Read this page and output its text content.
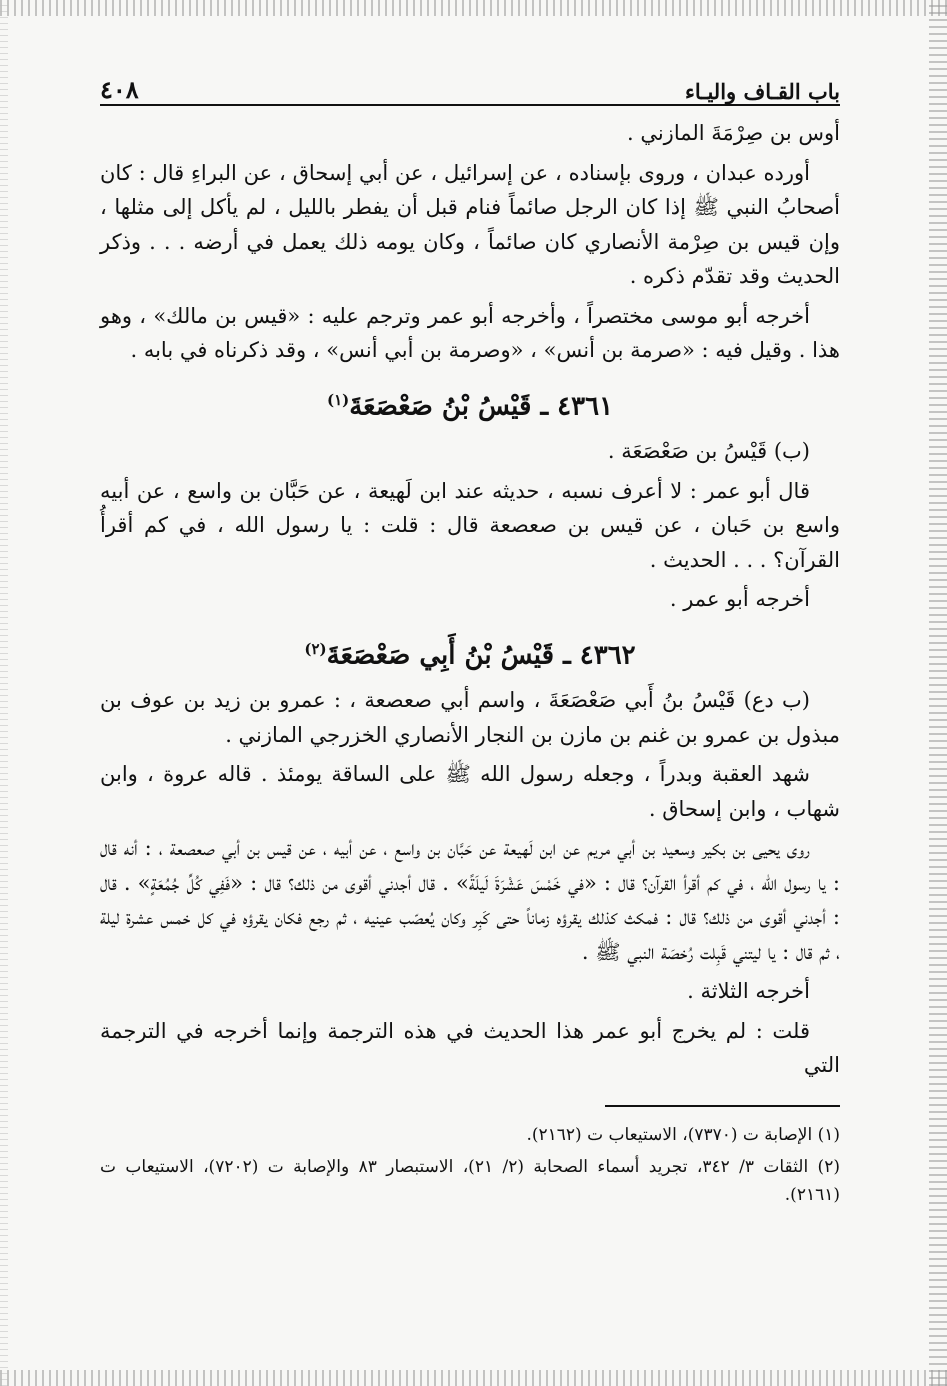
باب القـاف واليـاء
٤٠٨

أوس بن صِرْمَةَ المازني .

أورده عبدان ، وروى بإسناده ، عن إسرائيل ، عن أبي إسحاق ، عن البراءِ قال : كان أصحابُ النبي ﷺ إذا كان الرجل صائماً فنام قبل أن يفطر بالليل ، لم يأكل إلى مثلها ، وإن قيس بن صِرْمة الأنصاري كان صائماً ، وكان يومه ذلك يعمل في أرضه . . . وذكر الحديث وقد تقدّم ذكره .

أخرجه أبو موسى مختصراً ، وأخرجه أبو عمر وترجم عليه : «قيس بن مالك» ، وهو هذا . وقيل فيه : «صرمة بن أنس» ، «وصرمة بن أبي أنس» ، وقد ذكرناه في بابه .

٤٣٦١ ـ قَيْسُ بْنُ صَعْصَعَةَ$^{(١)}$

(ب) قَيْسُ بن صَعْصَعَة .

قال أبو عمر : لا أعرف نسبه ، حديثه عند ابن لَهيعة ، عن حَبَّان بن واسع ، عن أبيه واسع بن حَبان ، عن قيس بن صعصعة قال : قلت : يا رسول الله ، في كم أقرأُ القرآن؟ . . . الحديث .

أخرجه أبو عمر .

٤٣٦٢ ـ قَيْسُ بْنُ أَبِي صَعْصَعَةَ$^{(٢)}$

(ب دع) قَيْسُ بنُ أَبي صَعْصَعَةَ ، واسم أبي صعصعة ، : عمرو بن زيد بن عوف بن مبذول بن عمرو بن غنم بن مازن بن النجار الأنصاري الخزرجي المازني .

شهد العقبة وبدراً ، وجعله رسول الله ﷺ على الساقة يومئذ . قاله عروة ، وابن شهاب ، وابن إسحاق .

روى يحيى بن بكير وسعيد بن أبي مريم عن ابن لَهيعة عن حَبَّان بن واسع ، عن أبيه ، عن قيس بن أبي صعصعة ، : أنه قال : يا رسول الله ، في كم أقرأ القرآن؟ قال : «في خَمْسَ عَشْرَةَ لَيلَةً» . قال أجدني أقوى من ذلك؟ قال : «فَفِي كُلِّ جُمُعَةٍ» . قال : أجدني أقوى من ذلك؟ قال : فمكث كذلك يقرؤه زماناً حتى كَبِر وكان يُعصّب عينيه ، ثم رجع فكان يقرؤه في كل خمس عشرة ليلة ، ثم قال : يا ليتني قَبِلت رُخصَة النبي ﷺ .

أخرجه الثلاثة .

قلت : لم يخرج أبو عمر هذا الحديث في هذه الترجمة وإنما أخرجه في الترجمة التي

(١) الإصابة ت (٧٣٧٠)، الاستيعاب ت (٢١٦٢).

(٢) الثقات ٣/ ٣٤٢، تجريد أسماء الصحابة (٢/ ٢١)، الاستبصار ٨٣ والإصابة ت (٧٢٠٢)، الاستيعاب ت (٢١٦١).
